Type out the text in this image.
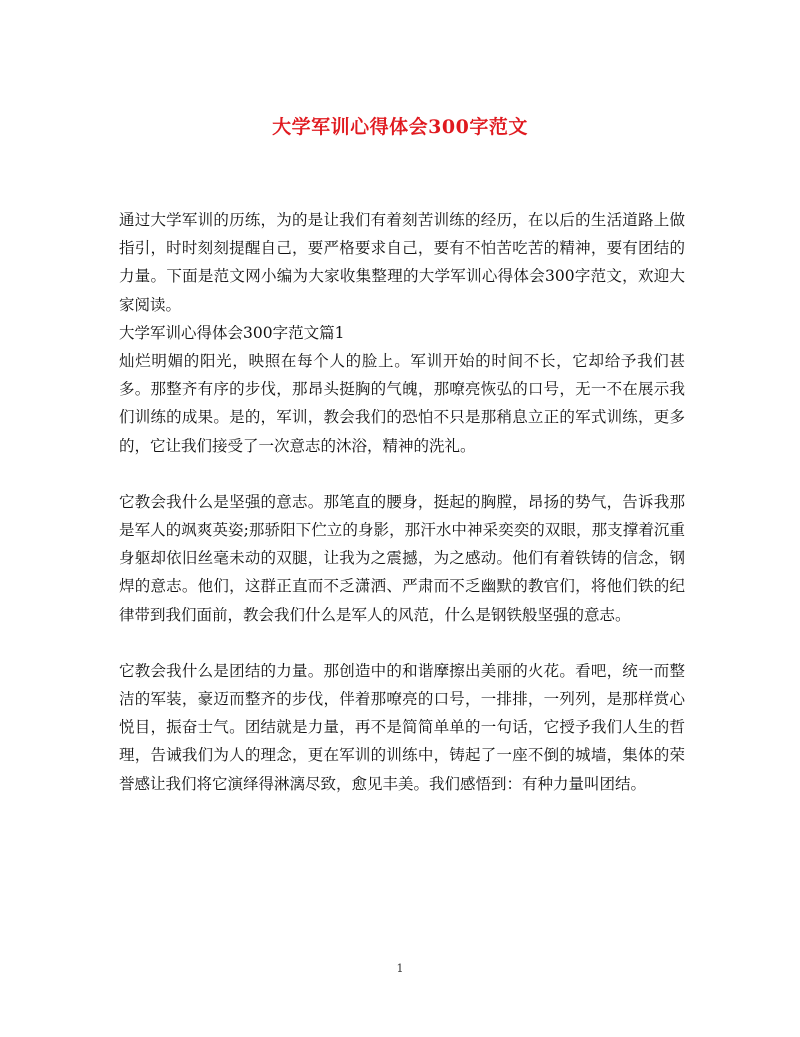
大学军训心得体会300字范文

通过大学军训的历练，为的是让我们有着刻苦训练的经历，在以后的生活道路上做指引，时时刻刻提醒自己，要严格要求自己，要有不怕苦吃苦的精神，要有团结的力量。下面是范文网小编为大家收集整理的大学军训心得体会300字范文，欢迎大家阅读。

大学军训心得体会300字范文篇1

灿烂明媚的阳光，映照在每个人的脸上。军训开始的时间不长，它却给予我们甚多。那整齐有序的步伐，那昂头挺胸的气魄，那嘹亮恢弘的口号，无一不在展示我们训练的成果。是的，军训，教会我们的恐怕不只是那稍息立正的军式训练，更多的，它让我们接受了一次意志的沐浴，精神的洗礼。

它教会我什么是坚强的意志。那笔直的腰身，挺起的胸膛，昂扬的势气，告诉我那是军人的飒爽英姿;那骄阳下伫立的身影，那汗水中神采奕奕的双眼，那支撑着沉重身躯却依旧丝毫未动的双腿，让我为之震撼，为之感动。他们有着铁铸的信念，钢焊的意志。他们，这群正直而不乏潇洒、严肃而不乏幽默的教官们，将他们铁的纪律带到我们面前，教会我们什么是军人的风范，什么是钢铁般坚强的意志。

它教会我什么是团结的力量。那创造中的和谐摩擦出美丽的火花。看吧，统一而整洁的军装，豪迈而整齐的步伐，伴着那嘹亮的口号，一排排，一列列，是那样赏心悦目，振奋士气。团结就是力量，再不是简简单单的一句话，它授予我们人生的哲理，告诫我们为人的理念，更在军训的训练中，铸起了一座不倒的城墙，集体的荣誉感让我们将它演绎得淋漓尽致，愈见丰美。我们感悟到：有种力量叫团结。

1
